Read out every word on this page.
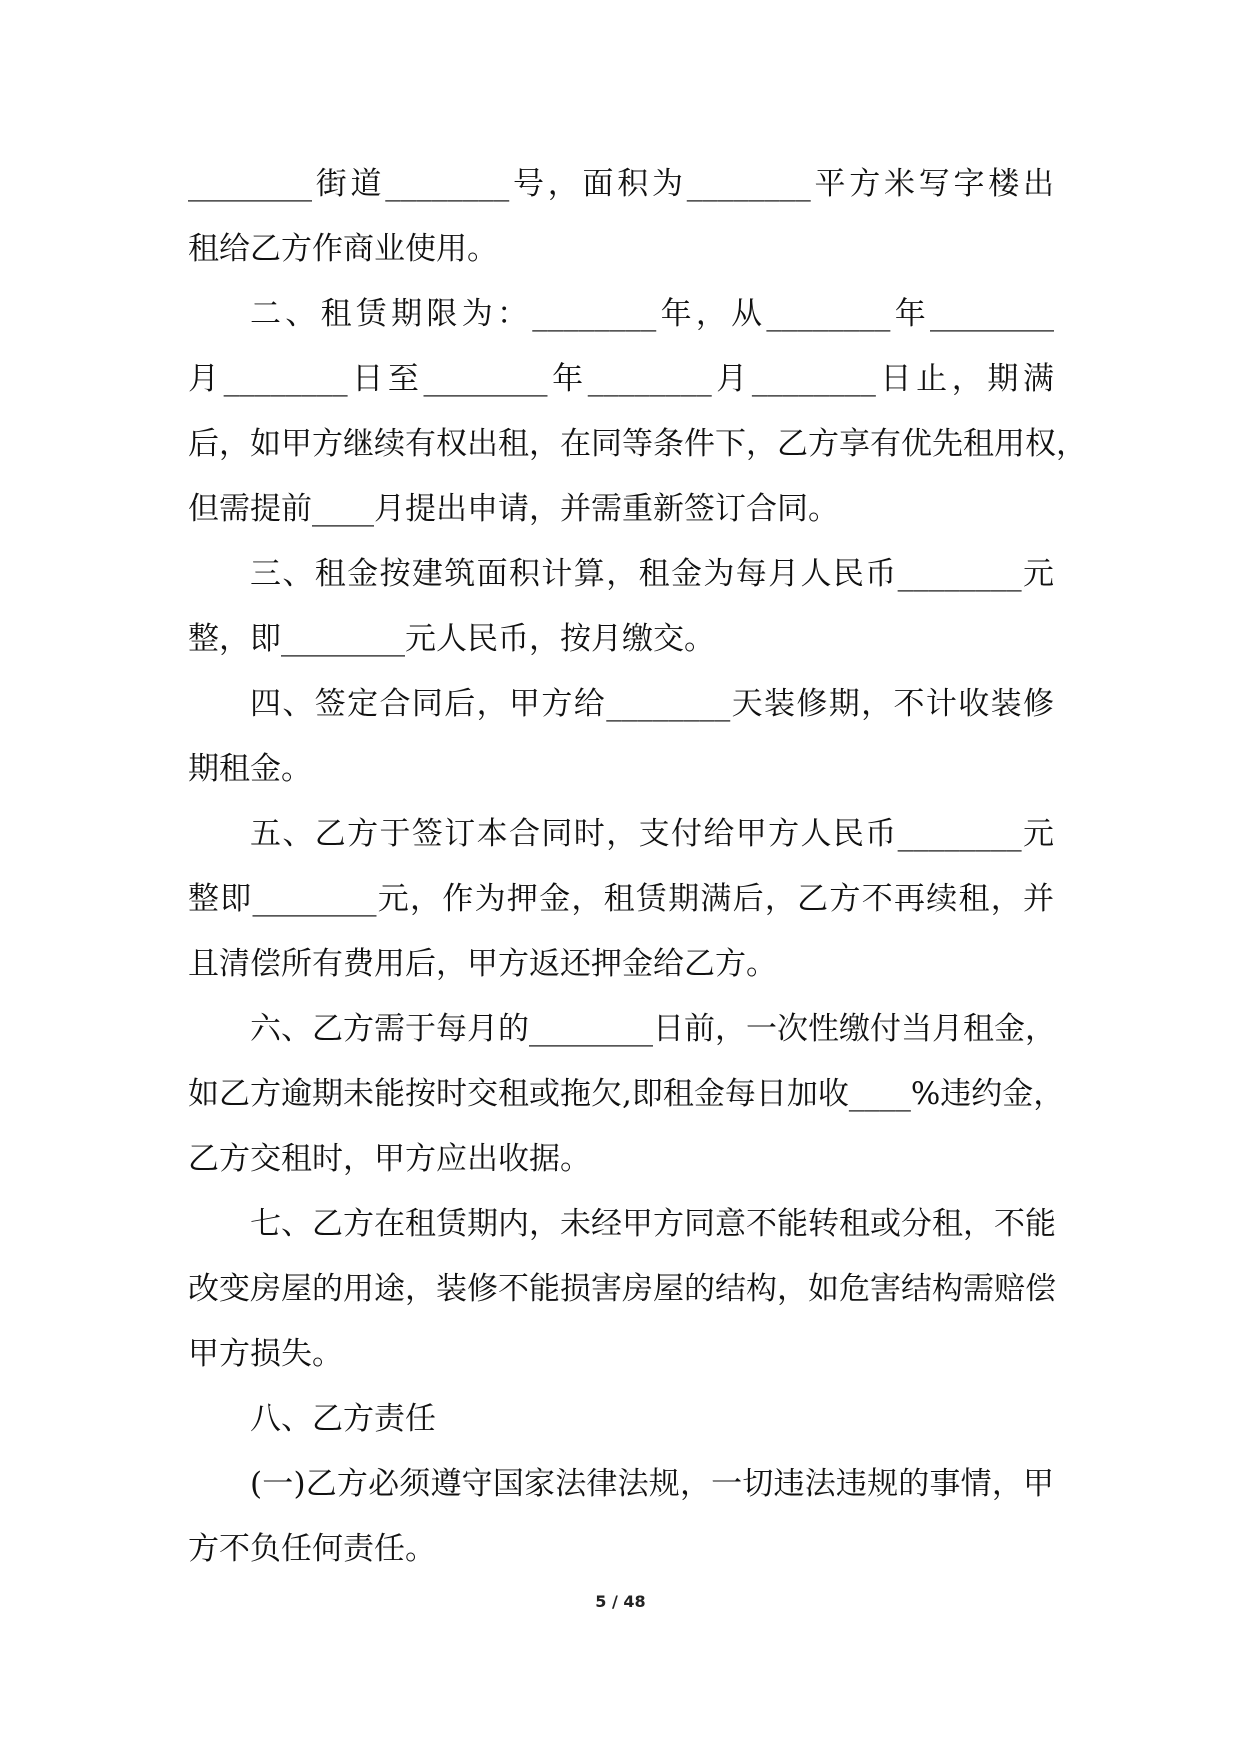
________街道________号，面积为________平方米写字楼出
租给乙方作商业使用。
二、租赁期限为：________年，从________年________
月________日至________年________月________日止，期满
后，如甲方继续有权出租，在同等条件下，乙方享有优先租用权，
但需提前____月提出申请，并需重新签订合同。
三、租金按建筑面积计算，租金为每月人民币________元
整，即________元人民币，按月缴交。
四、签定合同后，甲方给________天装修期，不计收装修
期租金。
五、乙方于签订本合同时，支付给甲方人民币________元
整即________元，作为押金，租赁期满后，乙方不再续租，并
且清偿所有费用后，甲方返还押金给乙方。
六、乙方需于每月的________日前，一次性缴付当月租金，
如乙方逾期未能按时交租或拖欠,即租金每日加收____%违约金，
乙方交租时，甲方应出收据。
七、乙方在租赁期内，未经甲方同意不能转租或分租，不能
改变房屋的用途，装修不能损害房屋的结构，如危害结构需赔偿
甲方损失。
八、乙方责任
(一)乙方必须遵守国家法律法规，一切违法违规的事情，甲
方不负任何责任。
5 / 48
